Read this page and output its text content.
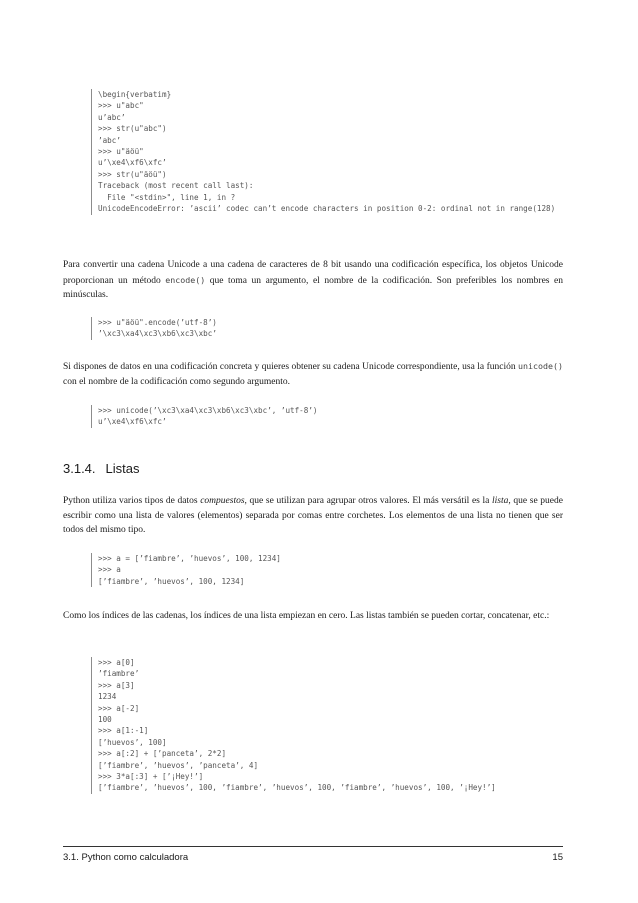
\begin{verbatim}
>>> u"abc"
u’abc’
>>> str(u"abc")
’abc’
>>> u"äöü"
u’\xe4\xf6\xfc’
>>> str(u"äöü")
Traceback (most recent call last):
File "<stdin>", line 1, in ?
UnicodeEncodeError: ’ascii’ codec can’t encode characters in position 0-2: ordinal not in range(128)

Para convertir una cadena Unicode a una cadena de caracteres de 8 bit usando una codificación específica, los objetos Unicode proporcionan un método encode() que toma un argumento, el nombre de la codificación. Son preferibles los nombres en minúsculas.

>>> u"äöü".encode(’utf-8’)
’\xc3\xa4\xc3\xb6\xc3\xbc’

Si dispones de datos en una codificación concreta y quieres obtener su cadena Unicode correspondiente, usa la función unicode() con el nombre de la codificación como segundo argumento.

>>> unicode(’\xc3\xa4\xc3\xb6\xc3\xbc’, ’utf-8’)
u’\xe4\xf6\xfc’
3.1.4. Listas

Python utiliza varios tipos de datos compuestos, que se utilizan para agrupar otros valores. El más versátil es la lista, que se puede escribir como una lista de valores (elementos) separada por comas entre corchetes. Los elementos de una lista no tienen que ser todos del mismo tipo.

>>> a = [’fiambre’, ’huevos’, 100, 1234]
>>> a
[’fiambre’, ’huevos’, 100, 1234]

Como los índices de las cadenas, los índices de una lista empiezan en cero. Las listas también se pueden cortar, concatenar, etc.:

>>> a[0]
’fiambre’
>>> a[3]
1234
>>> a[-2]
100
>>> a[1:-1]
[’huevos’, 100]
>>> a[:2] + [’panceta’, 2*2]
[’fiambre’, ’huevos’, ’panceta’, 4]
>>> 3*a[:3] + [’¡Hey!’]
[’fiambre’, ’huevos’, 100, ’fiambre’, ’huevos’, 100, ’fiambre’, ’huevos’, 100, ’¡Hey!’]
3.1. Python como calculadora	15
